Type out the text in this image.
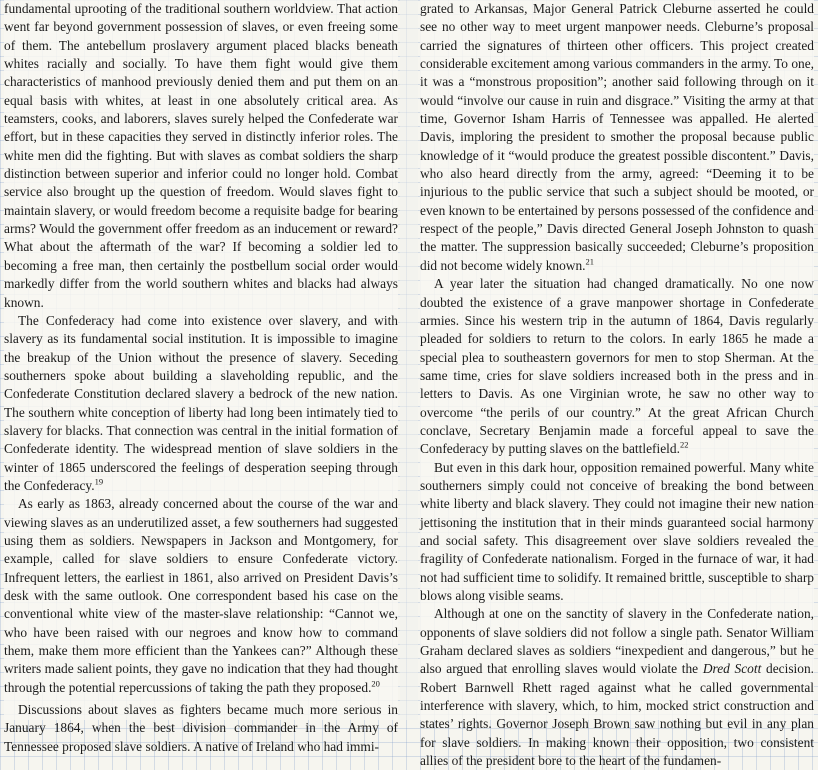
fundamental uprooting of the traditional southern worldview. That action went far beyond government possession of slaves, or even freeing some of them. The antebellum proslavery argument placed blacks beneath whites racially and socially. To have them fight would give them characteristics of manhood previously denied them and put them on an equal basis with whites, at least in one absolutely critical area. As teamsters, cooks, and laborers, slaves surely helped the Confederate war effort, but in these capacities they served in distinctly inferior roles. The white men did the fighting. But with slaves as combat soldiers the sharp distinction between superior and inferior could no longer hold. Combat service also brought up the question of freedom. Would slaves fight to maintain slavery, or would freedom become a requisite badge for bearing arms? Would the government offer freedom as an inducement or reward? What about the aftermath of the war? If becoming a soldier led to becoming a free man, then certainly the postbellum social order would markedly differ from the world southern whites and blacks had always known.

The Confederacy had come into existence over slavery, and with slavery as its fundamental social institution. It is impossible to imagine the breakup of the Union without the presence of slavery. Seceding southerners spoke about building a slaveholding republic, and the Confederate Constitution declared slavery a bedrock of the new nation. The southern white conception of liberty had long been intimately tied to slavery for blacks. That connection was central in the initial formation of Confederate identity. The widespread mention of slave soldiers in the winter of 1865 underscored the feelings of desperation seeping through the Confederacy.$^{19}$

As early as 1863, already concerned about the course of the war and viewing slaves as an underutilized asset, a few southerners had suggested using them as soldiers. Newspapers in Jackson and Montgomery, for example, called for slave soldiers to ensure Confederate victory. Infrequent letters, the earliest in 1861, also arrived on President Davis’s desk with the same outlook. One correspondent based his case on the conventional white view of the master-slave relationship: “Cannot we, who have been raised with our negroes and know how to command them, make them more efficient than the Yankees can?” Although these writers made salient points, they gave no indication that they had thought through the potential repercussions of taking the path they proposed.$^{20}$

Discussions about slaves as fighters became much more serious in January 1864, when the best division commander in the Army of Tennessee proposed slave soldiers. A native of Ireland who had immi-

grated to Arkansas, Major General Patrick Cleburne asserted he could see no other way to meet urgent manpower needs. Cleburne’s proposal carried the signatures of thirteen other officers. This project created considerable excitement among various commanders in the army. To one, it was a “monstrous proposition”; another said following through on it would “involve our cause in ruin and disgrace.” Visiting the army at that time, Governor Isham Harris of Tennessee was appalled. He alerted Davis, imploring the president to smother the proposal because public knowledge of it “would produce the greatest possible discontent.” Davis, who also heard directly from the army, agreed: “Deeming it to be injurious to the public service that such a subject should be mooted, or even known to be entertained by persons possessed of the confidence and respect of the people,” Davis directed General Joseph Johnston to quash the matter. The suppression basically succeeded; Cleburne’s proposition did not become widely known.$^{21}$

A year later the situation had changed dramatically. No one now doubted the existence of a grave manpower shortage in Confederate armies. Since his western trip in the autumn of 1864, Davis regularly pleaded for soldiers to return to the colors. In early 1865 he made a special plea to southeastern governors for men to stop Sherman. At the same time, cries for slave soldiers increased both in the press and in letters to Davis. As one Virginian wrote, he saw no other way to overcome “the perils of our country.” At the great African Church conclave, Secretary Benjamin made a forceful appeal to save the Confederacy by putting slaves on the battlefield.$^{22}$

But even in this dark hour, opposition remained powerful. Many white southerners simply could not conceive of breaking the bond between white liberty and black slavery. They could not imagine their new nation jettisoning the institution that in their minds guaranteed social harmony and social safety. This disagreement over slave soldiers revealed the fragility of Confederate nationalism. Forged in the furnace of war, it had not had sufficient time to solidify. It remained brittle, susceptible to sharp blows along visible seams.

Although at one on the sanctity of slavery in the Confederate nation, opponents of slave soldiers did not follow a single path. Senator William Graham declared slaves as soldiers “inexpedient and dangerous,” but he also argued that enrolling slaves would violate the Dred Scott decision. Robert Barnwell Rhett raged against what he called governmental interference with slavery, which, to him, mocked strict construction and states’ rights. Governor Joseph Brown saw nothing but evil in any plan for slave soldiers. In making known their opposition, two consistent allies of the president bore to the heart of the fundamen-
